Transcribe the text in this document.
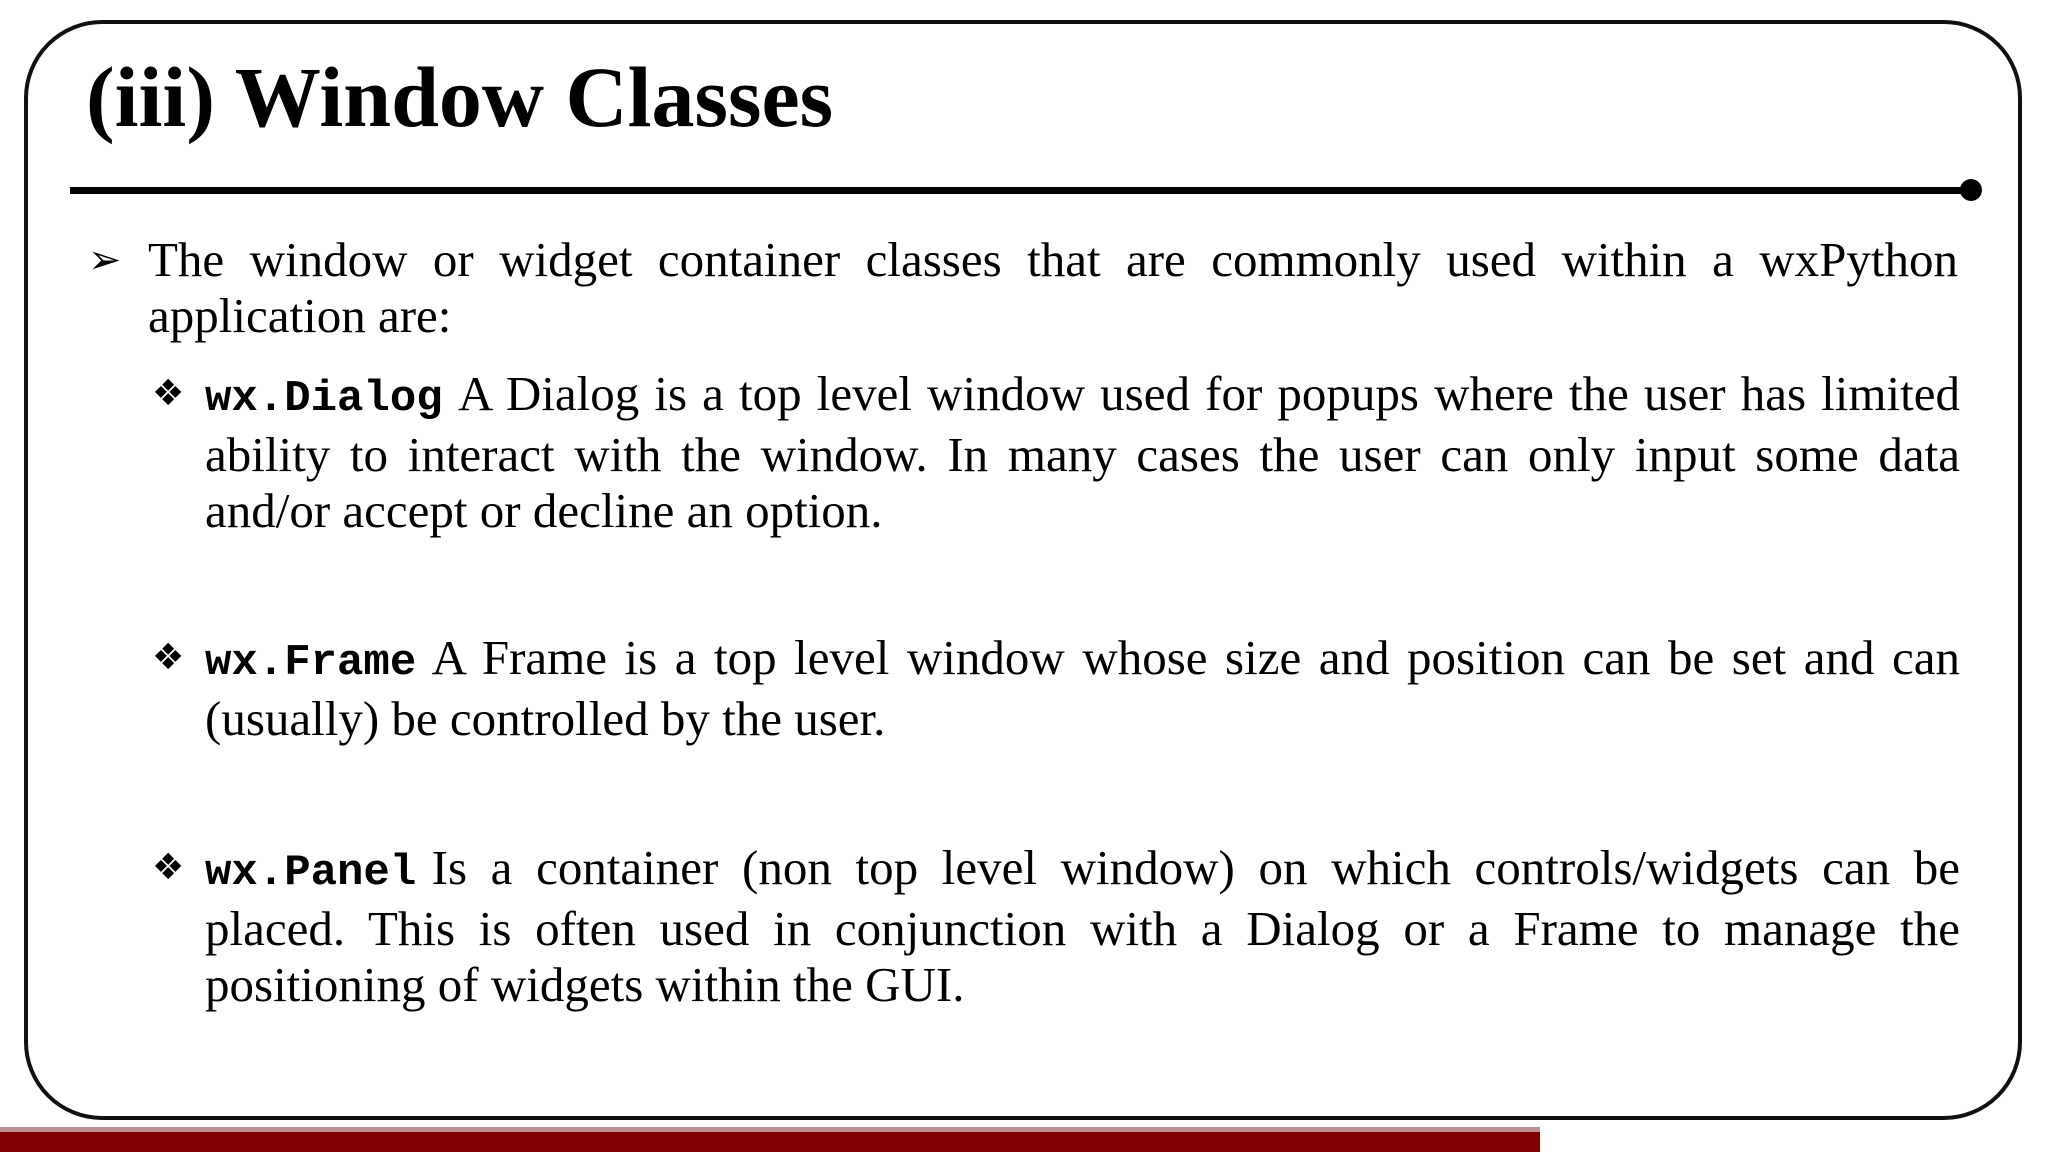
(iii) Window Classes
➢ The window or widget container classes that are commonly used within a wxPython application are:
❖ wx.Dialog A Dialog is a top level window used for popups where the user has limited ability to interact with the window. In many cases the user can only input some data and/or accept or decline an option.
❖ wx.Frame A Frame is a top level window whose size and position can be set and can (usually) be controlled by the user.
❖ wx.Panel Is a container (non top level window) on which controls/widgets can be placed. This is often used in conjunction with a Dialog or a Frame to manage the positioning of widgets within the GUI.
